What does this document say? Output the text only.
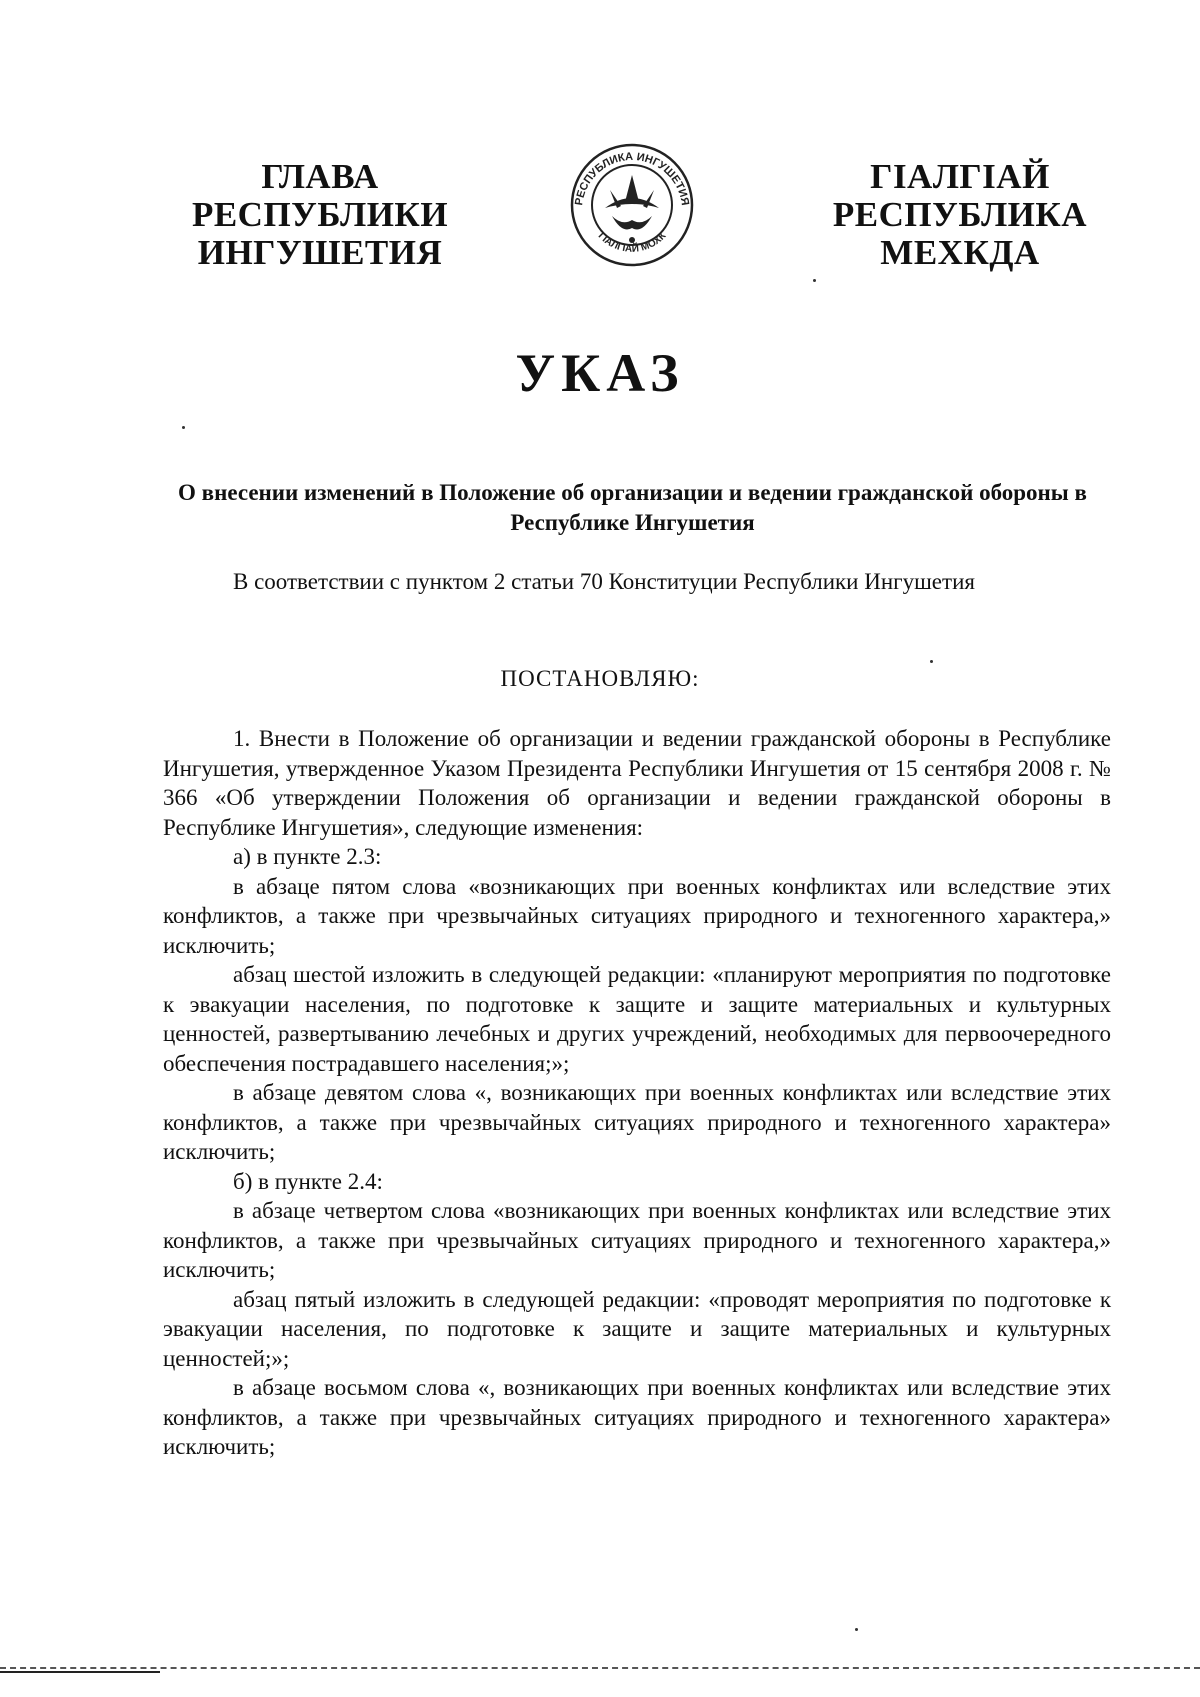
ГЛАВА
РЕСПУБЛИКИ
ИНГУШЕТИЯ
РЕСПУБЛИКА ИНГУШЕТИЯ
ГIАЛГIАЙ МОХК
ГIАЛГIАЙ
РЕСПУБЛИКА
МЕХКДА
УКАЗ
О внесении изменений в Положение об организации и ведении гражданской обороны в Республике Ингушетия

В соответствии с пунктом 2 статьи 70 Конституции Республики Ингушетия

ПОСТАНОВЛЯЮ:

1. Внести в Положение об организации и ведении гражданской обороны в Республике Ингушетия, утвержденное Указом Президента Республики Ингушетия от 15 сентября 2008 г. № 366 «Об утверждении Положения об организации и ведении гражданской обороны в Республике Ингушетия», следующие изменения:

а) в пункте 2.3:

в абзаце пятом слова «возникающих при военных конфликтах или вследствие этих конфликтов, а также при чрезвычайных ситуациях природного и техногенного характера,» исключить;

абзац шестой изложить в следующей редакции: «планируют мероприятия по подготовке к эвакуации населения, по подготовке к защите и защите материальных и культурных ценностей, развертыванию лечебных и других учреждений, необходимых для первоочередного обеспечения пострадавшего населения;»;

в абзаце девятом слова «, возникающих при военных конфликтах или вследствие этих конфликтов, а также при чрезвычайных ситуациях природного и техногенного характера» исключить;

б) в пункте 2.4:

в абзаце четвертом слова «возникающих при военных конфликтах или вследствие этих конфликтов, а также при чрезвычайных ситуациях природного и техногенного характера,» исключить;

абзац пятый изложить в следующей редакции: «проводят мероприятия по подготовке к эвакуации населения, по подготовке к защите и защите материальных и культурных ценностей;»;

в абзаце восьмом слова «, возникающих при военных конфликтах или вследствие этих конфликтов, а также при чрезвычайных ситуациях природного и техногенного характера» исключить;
